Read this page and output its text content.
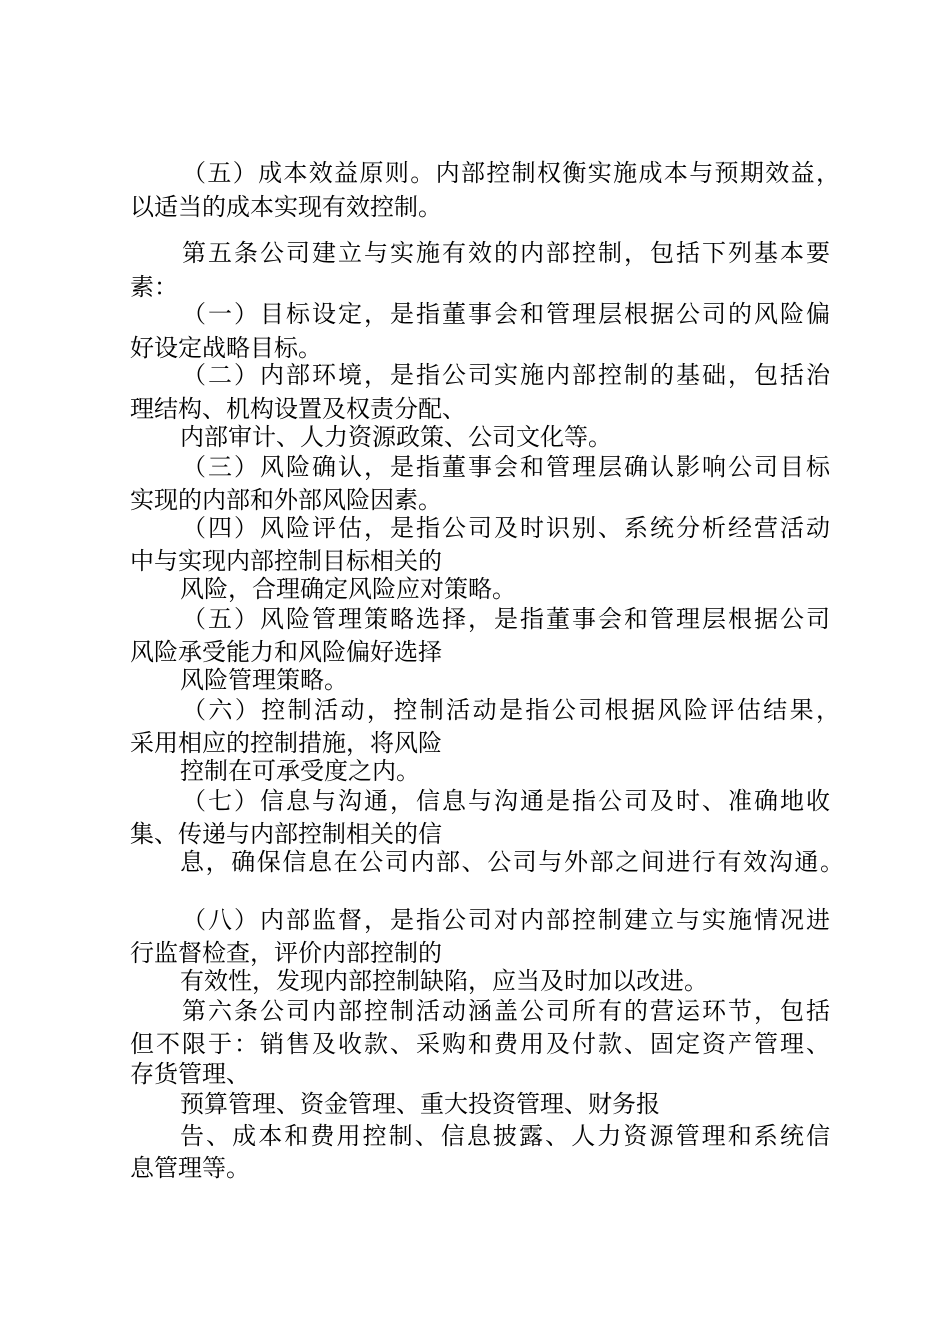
（五）成本效益原则。内部控制权衡实施成本与预期效益，
以适当的成本实现有效控制。
第五条公司建立与实施有效的内部控制，包括下列基本要
素：
（一）目标设定，是指董事会和管理层根据公司的风险偏
好设定战略目标。
（二）内部环境，是指公司实施内部控制的基础，包括治
理结构、机构设置及权责分配、
内部审计、人力资源政策、公司文化等。
（三）风险确认，是指董事会和管理层确认影响公司目标
实现的内部和外部风险因素。
（四）风险评估，是指公司及时识别、系统分析经营活动
中与实现内部控制目标相关的
风险，合理确定风险应对策略。
（五）风险管理策略选择，是指董事会和管理层根据公司
风险承受能力和风险偏好选择
风险管理策略。
（六）控制活动，控制活动是指公司根据风险评估结果，
采用相应的控制措施，将风险
控制在可承受度之内。
（七）信息与沟通，信息与沟通是指公司及时、准确地收
集、传递与内部控制相关的信
息，确保信息在公司内部、公司与外部之间进行有效沟通。
（八）内部监督，是指公司对内部控制建立与实施情况进
行监督检查，评价内部控制的
有效性，发现内部控制缺陷，应当及时加以改进。
第六条公司内部控制活动涵盖公司所有的营运环节，包括
但不限于：销售及收款、采购和费用及付款、固定资产管理、
存货管理、
预算管理、资金管理、重大投资管理、财务报
告、成本和费用控制、信息披露、人力资源管理和系统信
息管理等。
